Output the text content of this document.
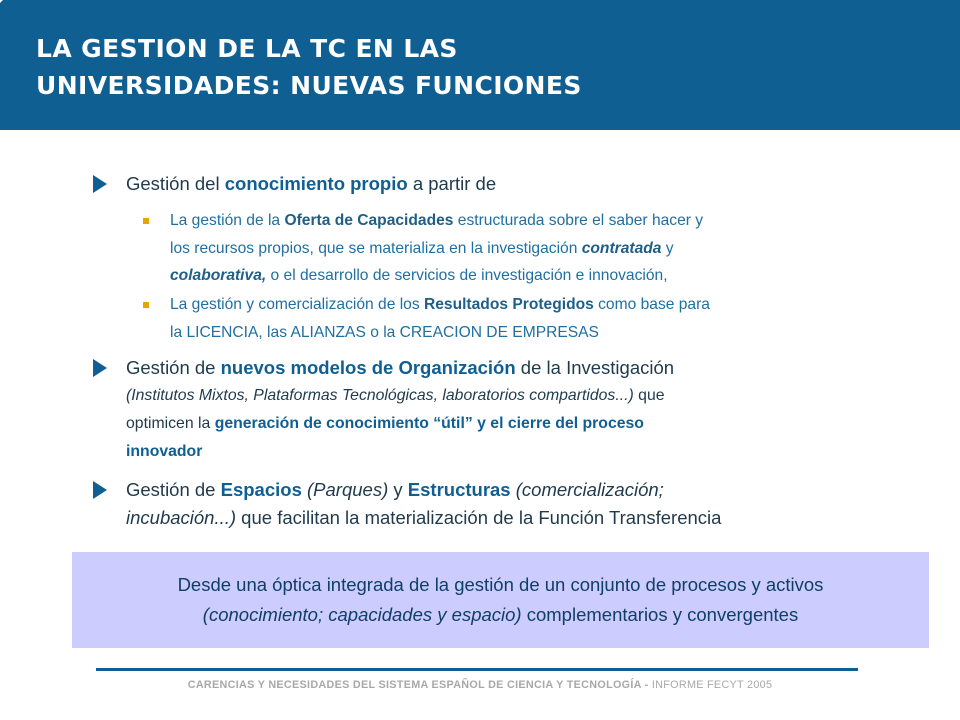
LA GESTION DE LA TC EN LAS
UNIVERSIDADES: NUEVAS FUNCIONES
Gestión del conocimiento propio a partir de
La gestión de la Oferta de Capacidades estructurada sobre el saber hacer y
los recursos propios, que se materializa en la investigación contratada y
colaborativa, o el desarrollo de servicios de investigación e innovación,
La gestión y comercialización de los Resultados Protegidos como base para
la LICENCIA, las ALIANZAS o la CREACION DE EMPRESAS
Gestión de nuevos modelos de Organización de la Investigación
(Institutos Mixtos, Plataformas Tecnológicas, laboratorios compartidos...) que
optimicen la generación de conocimiento “útil” y el cierre del proceso
innovador
Gestión de Espacios (Parques) y Estructuras (comercialización;
incubación...) que facilitan la materialización de la Función Transferencia
Desde una óptica integrada de la gestión de un conjunto de procesos y activos
(conocimiento; capacidades y espacio) complementarios y convergentes
CARENCIAS Y NECESIDADES DEL SISTEMA ESPAÑOL DE CIENCIA Y TECNOLOGÍA - INFORME FECYT 2005
